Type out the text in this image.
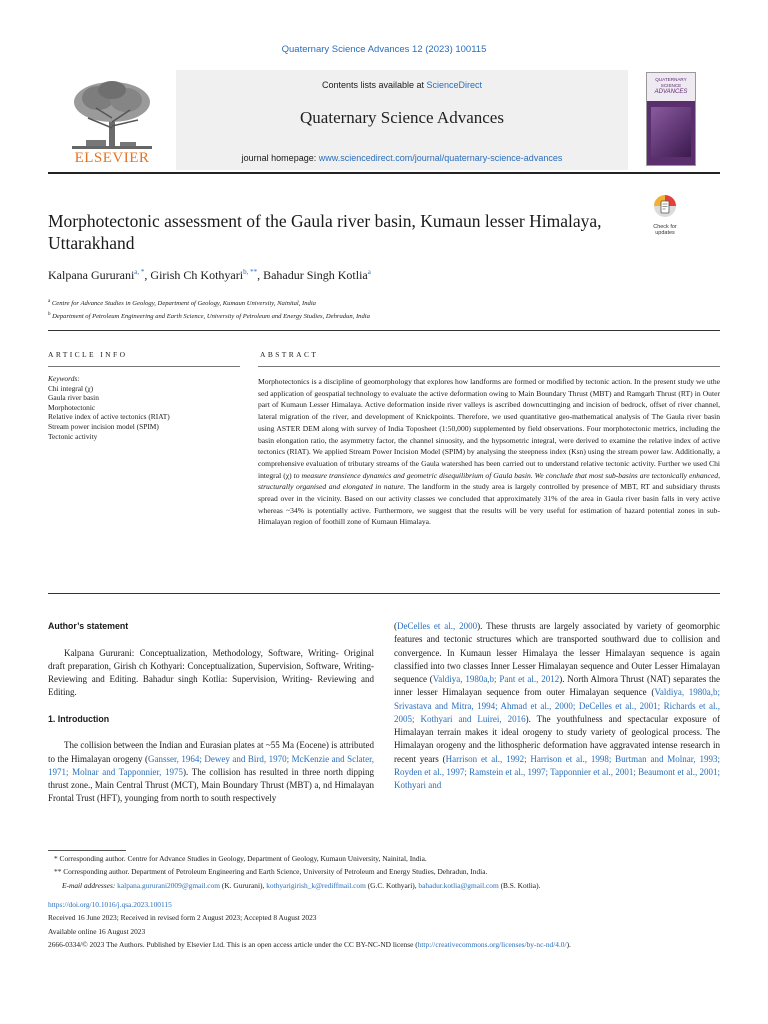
Quaternary Science Advances 12 (2023) 100115
ELSEVIER
Contents lists available at ScienceDirect
Quaternary Science Advances
journal homepage: www.sciencedirect.com/journal/quaternary-science-advances
QUATERNARY SCIENCE
ADVANCES
Morphotectonic assessment of the Gaula river basin, Kumaun lesser Himalaya, Uttarakhand
Check for updates
Kalpana Gururani$^{a, *}$, Girish Ch Kothyari$^{b, **}$, Bahadur Singh Kotlia$^a$
$^a$ Centre for Advance Studies in Geology, Department of Geology, Kumaun University, Nainital, India
$^b$ Department of Petroleum Engineering and Earth Science, University of Petroleum and Energy Studies, Dehradun, India
ARTICLE INFO	ABSTRACT
Keywords:
Chi integral (χ)
Gaula river basin
Morphotectonic
Relative index of active tectonics (RIAT)
Stream power incision model (SPIM)
Tectonic activity
Morphotectonics is a discipline of geomorphology that explores how landforms are formed or modified by tectonic action. In the present study we uthe sed application of geospatial technology to evaluate the active deformation owing to Main Boundary Thrust (MBT) and Ramgarh Thrust (RT) in Outer part of Kumaun Lesser Himalaya. Active deformation inside river valleys is ascribed downcuttinging and incision of bedrock, offset of river channel, lateral migration of the river, and development of Knickpoints. Therefore, we used quantitative geo-mathematical analysis of The Gaula river basin using ASTER DEM along with survey of India Toposheet (1:50,000) supplemented by field observations. Four morphotectonic metrics, including the basin elongation ratio, the asymmetry factor, the channel sinuosity, and the hypsometric integral, were derived to examine the relative index of active tectonics (RIAT). We applied Stream Power Incision Model (SPIM) by analysing the steepness index (Ksn) using the stream power law. Additionally, a comprehensive evaluation of tributary streams of the Gaula watershed has been carried out to understand relative tectonic activity. Further we used Chi integral (χ) to measure transience dynamics and geometric disequilibrium of Gaula basin. We conclude that most sub-basins are tectonically enhanced, structurally organised and elongated in nature. The landform in the study area is largely controlled by presence of MBT, RT and subsidiary thrusts spread over in the vicinity. Based on our activity classes we concluded that approximately 31% of the area in Gaula river basin falls in very active whereas ~34% is potentially active. Furthermore, we suggest that the results will be very useful for estimation of hazard potential zones in sub-Himalayan region of foothill zone of Kumaun Himalaya.

Author’s statement

Kalpana Gururani: Conceptualization, Methodology, Software, Writing- Original draft preparation, Girish ch Kothyari: Conceptualization, Supervision, Software, Writing- Reviewing and Editing. Bahadur singh Kotlia: Supervision, Writing- Reviewing and Editing.

1. Introduction

The collision between the Indian and Eurasian plates at ~55 Ma (Eocene) is attributed to the Himalayan orogeny (Gansser, 1964; Dewey and Bird, 1970; McKenzie and Sclater, 1971; Molnar and Tapponnier, 1975). The collision has resulted in three north dipping thrust zone., Main Central Thrust (MCT), Main Boundary Thrust (MBT) a, nd Himalayan Frontal Trust (HFT), younging from north to south respectively

(DeCelles et al., 2000). These thrusts are largely associated by variety of geomorphic features and tectonic structures which are transported southward due to collision and convergence. In Kumaun lesser Himalaya the lesser Himalayan sequence is again classified into two classes Inner Lesser Himalayan sequence and Outer Lesser Himalayan sequence (Valdiya, 1980a,b; Pant et al., 2012). North Almora Thrust (NAT) separates the inner lesser Himalayan sequence from outer Himalayan sequence (Valdiya, 1980a,b; Srivastava and Mitra, 1994; Ahmad et al., 2000; DeCelles et al., 2001; Richards et al., 2005; Kothyari and Luirei, 2016). The youthfulness and spectacular exposure of Himalayan terrain makes it ideal orogeny to study variety of geological process. The Himalayan orogeny and the lithospheric deformation have aggravated intense research in recent years (Harrison et al., 1992; Harrison et al., 1998; Burtman and Molnar, 1993; Royden et al., 1997; Ramstein et al., 1997; Tapponnier et al., 2001; Beaumont et al., 2001; Kothyari and

* Corresponding author. Centre for Advance Studies in Geology, Department of Geology, Kumaun University, Nainital, India.
** Corresponding author. Department of Petroleum Engineering and Earth Science, University of Petroleum and Energy Studies, Dehradun, India.
E-mail addresses: kalpana.gururani2009@gmail.com (K. Gururani), kothyarigirish_k@rediffmail.com (G.C. Kothyari), bahadur.kotlia@gmail.com (B.S. Kotlia).
https://doi.org/10.1016/j.qsa.2023.100115
Received 16 June 2023; Received in revised form 2 August 2023; Accepted 8 August 2023
Available online 16 August 2023
2666-0334/© 2023 The Authors. Published by Elsevier Ltd. This is an open access article under the CC BY-NC-ND license (http://creativecommons.org/licenses/by-nc-nd/4.0/).
